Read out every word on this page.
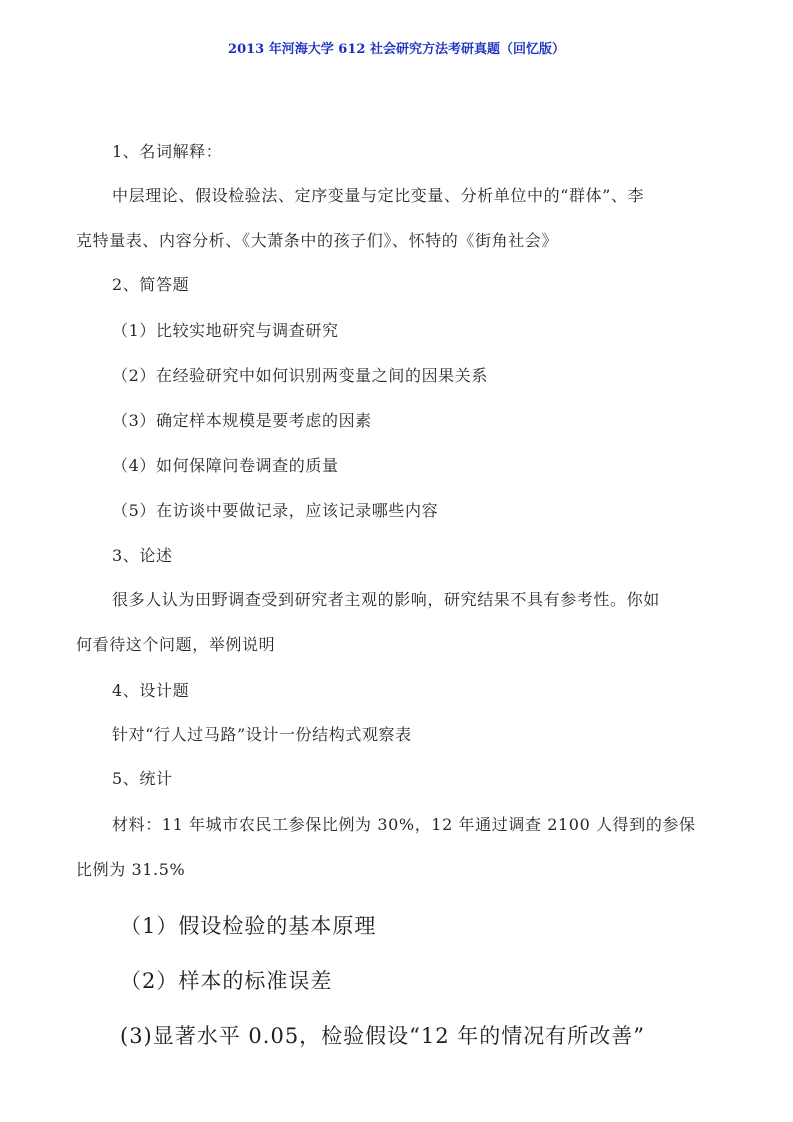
2013 年河海大学 612 社会研究方法考研真题（回忆版）
1、名词解释：
中层理论、假设检验法、定序变量与定比变量、分析单位中的“群体”、李
克特量表、内容分析、《大萧条中的孩子们》、怀特的《街角社会》
2、简答题
（1）比较实地研究与调查研究
（2）在经验研究中如何识别两变量之间的因果关系
（3）确定样本规模是要考虑的因素
（4）如何保障问卷调查的质量
（5）在访谈中要做记录，应该记录哪些内容
3、论述
很多人认为田野调查受到研究者主观的影响，研究结果不具有参考性。你如
何看待这个问题，举例说明
4、设计题
针对“行人过马路”设计一份结构式观察表
5、统计
材料：11 年城市农民工参保比例为 30%，12 年通过调查 2100 人得到的参保
比例为 31.5%
（1）假设检验的基本原理
（2）样本的标准误差
(3)显著水平 0.05，检验假设“12 年的情况有所改善”
